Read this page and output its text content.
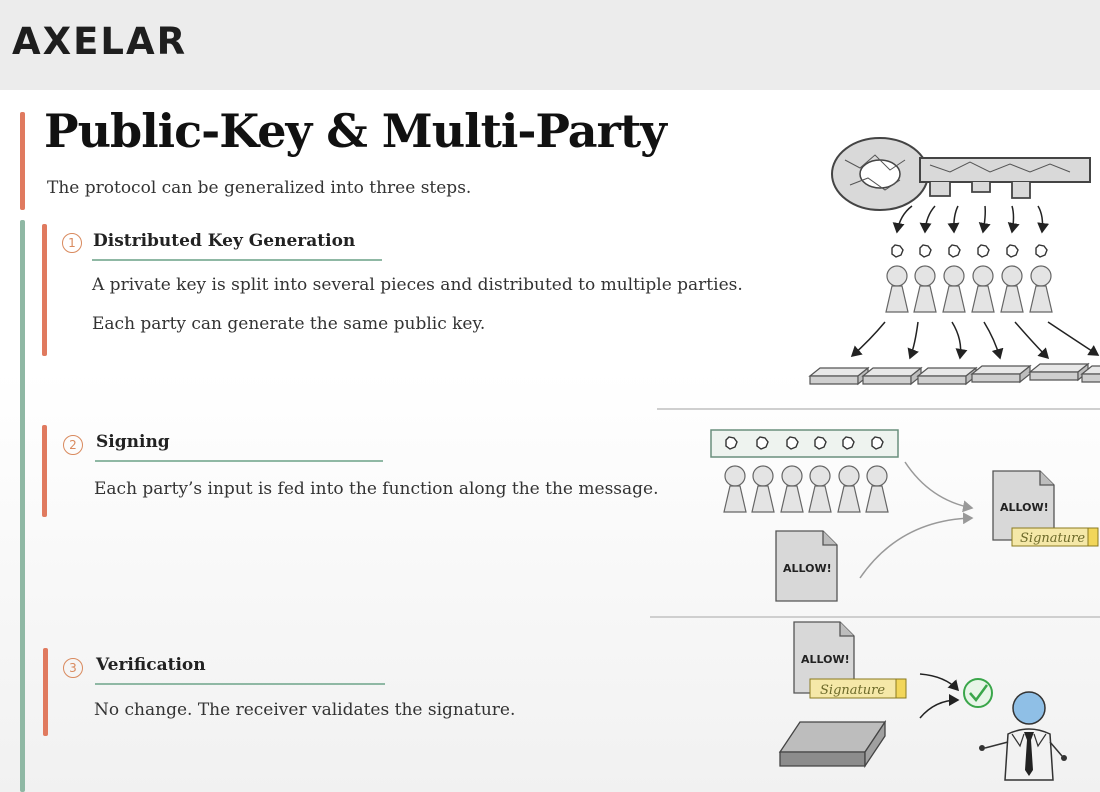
AXELAR
Public-Key & Multi-Party
The protocol can be generalized into three steps.
1	Distributed Key Generation
A private key is split into several pieces and distributed to multiple parties.
Each party can generate the same public key.
2	Signing
Each party’s input is fed into the function along the the message.
3	Verification
No change. The receiver validates the signature.
ALLOW!
ALLOW!
Signature
ALLOW!
Signature
